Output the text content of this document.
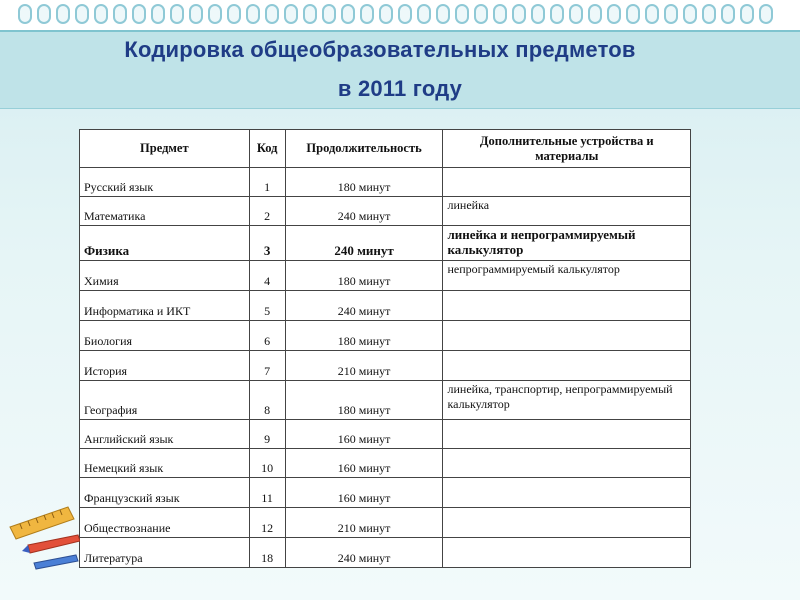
Кодировка общеобразовательных предметов
в 2011 году
Предмет	Код	Продолжительность	Дополнительные устройства и материалы
Русский язык	1	180 минут	
Математика	2	240 минут	линейка
Физика	3	240 минут	линейка и непрограммируемый калькулятор
Химия	4	180 минут	непрограммируемый калькулятор
Информатика и ИКТ	5	240 минут	
Биология	6	180 минут	
История	7	210 минут	
География	8	180 минут	линейка, транспортир, непрограммируемый калькулятор
Английский язык	9	160 минут	
Немецкий язык	10	160 минут	
Французский язык	11	160 минут	
Обществознание	12	210 минут	
Литература	18	240 минут	
